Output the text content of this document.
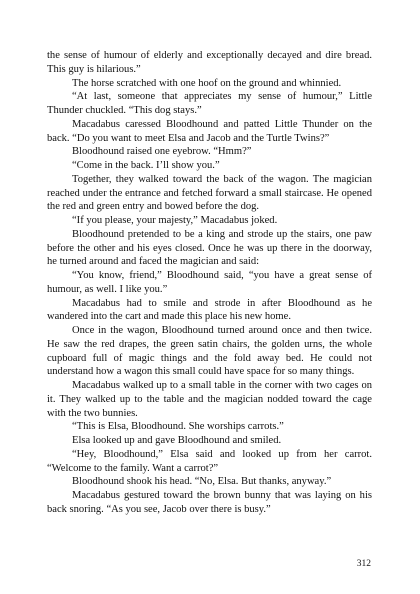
the sense of humour of elderly and exceptionally decayed and dire bread. This guy is hilarious.”

The horse scratched with one hoof on the ground and whinnied.

“At last, someone that appreciates my sense of humour,” Little Thunder chuckled. “This dog stays.”

Macadabus caressed Bloodhound and patted Little Thunder on the back. “Do you want to meet Elsa and Jacob and the Turtle Twins?”

Bloodhound raised one eyebrow. “Hmm?”

“Come in the back. I’ll show you.”

Together, they walked toward the back of the wagon. The magician reached under the entrance and fetched forward a small staircase. He opened the red and green entry and bowed before the dog.

“If you please, your majesty,” Macadabus joked.

Bloodhound pretended to be a king and strode up the stairs, one paw before the other and his eyes closed. Once he was up there in the doorway, he turned around and faced the magician and said:

“You know, friend,” Bloodhound said, “you have a great sense of humour, as well. I like you.”

Macadabus had to smile and strode in after Bloodhound as he wandered into the cart and made this place his new home.

Once in the wagon, Bloodhound turned around once and then twice. He saw the red drapes, the green satin chairs, the golden urns, the whole cupboard full of magic things and the fold away bed. He could not understand how a wagon this small could have space for so many things.

Macadabus walked up to a small table in the corner with two cages on it. They walked up to the table and the magician nodded toward the cage with the two bunnies.

“This is Elsa, Bloodhound. She worships carrots.”

Elsa looked up and gave Bloodhound and smiled.

“Hey, Bloodhound,” Elsa said and looked up from her carrot. “Welcome to the family. Want a carrot?”

Bloodhound shook his head. “No, Elsa. But thanks, anyway.”

Macadabus gestured toward the brown bunny that was laying on his back snoring. “As you see, Jacob over there is busy.”

312
